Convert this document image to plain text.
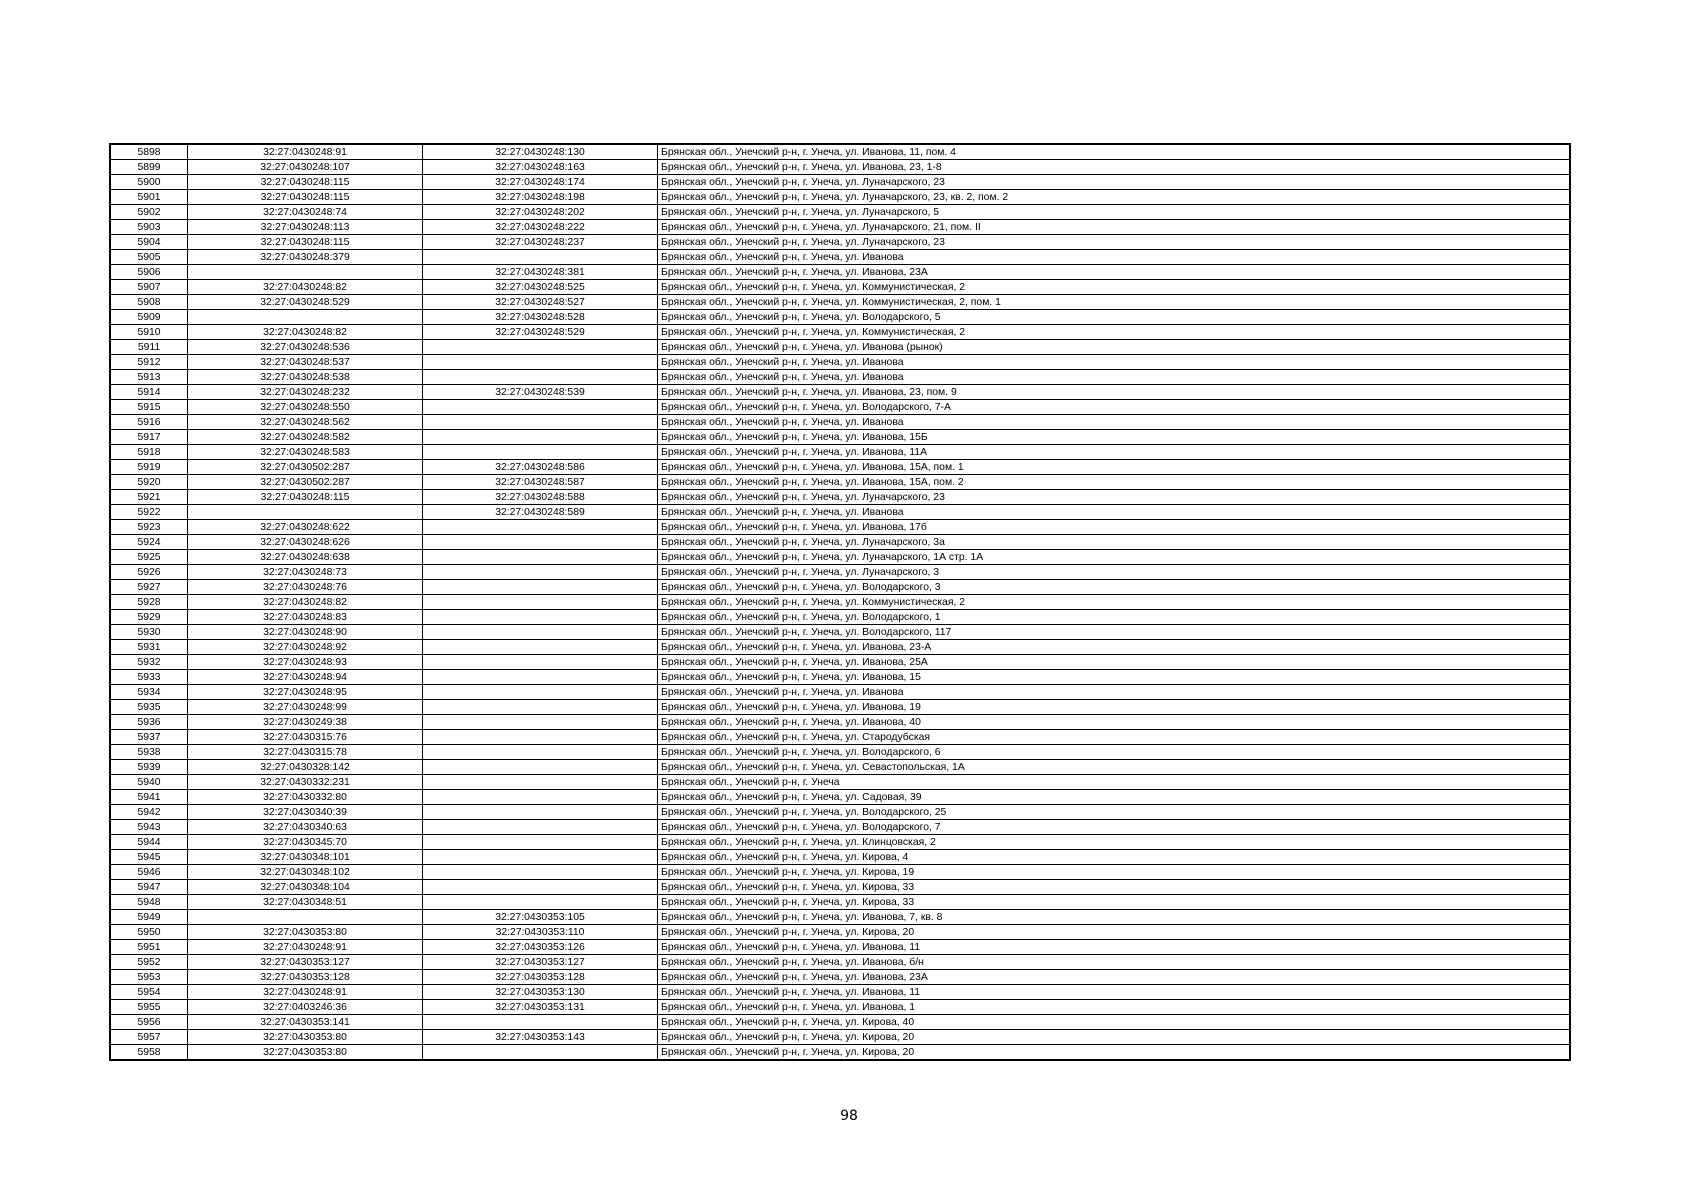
5898	32:27:0430248:91	32:27:0430248:130	Брянская обл., Унечский р-н, г. Унеча, ул. Иванова, 11, пом. 4
5899	32:27:0430248:107	32:27:0430248:163	Брянская обл., Унечский р-н, г. Унеча, ул. Иванова, 23, 1-8
5900	32:27:0430248:115	32:27:0430248:174	Брянская обл., Унечский р-н, г. Унеча, ул. Луначарского, 23
5901	32:27:0430248:115	32:27:0430248:198	Брянская обл., Унечский р-н, г. Унеча, ул. Луначарского, 23, кв. 2, пом. 2
5902	32:27:0430248:74	32:27:0430248:202	Брянская обл., Унечский р-н, г. Унеча, ул. Луначарского, 5
5903	32:27:0430248:113	32:27:0430248:222	Брянская обл., Унечский р-н, г. Унеча, ул. Луначарского, 21, пом. II
5904	32:27:0430248:115	32:27:0430248:237	Брянская обл., Унечский р-н, г. Унеча, ул. Луначарского, 23
5905	32:27:0430248:379		Брянская обл., Унечский р-н, г. Унеча, ул. Иванова
5906		32:27:0430248:381	Брянская обл., Унечский р-н, г. Унеча, ул. Иванова, 23А
5907	32:27:0430248:82	32:27:0430248:525	Брянская обл., Унечский р-н, г. Унеча, ул. Коммунистическая, 2
5908	32:27:0430248:529	32:27:0430248:527	Брянская обл., Унечский р-н, г. Унеча, ул. Коммунистическая, 2, пом. 1
5909		32:27:0430248:528	Брянская обл., Унечский р-н, г. Унеча, ул. Володарского, 5
5910	32:27:0430248:82	32:27:0430248:529	Брянская обл., Унечский р-н, г. Унеча, ул. Коммунистическая, 2
5911	32:27:0430248:536		Брянская обл., Унечский р-н, г. Унеча, ул. Иванова (рынок)
5912	32:27:0430248:537		Брянская обл., Унечский р-н, г. Унеча, ул. Иванова
5913	32:27:0430248:538		Брянская обл., Унечский р-н, г. Унеча, ул. Иванова
5914	32:27:0430248:232	32:27:0430248:539	Брянская обл., Унечский р-н, г. Унеча, ул. Иванова, 23, пом. 9
5915	32:27:0430248:550		Брянская обл., Унечский р-н, г. Унеча, ул. Володарского, 7-А
5916	32:27:0430248:562		Брянская обл., Унечский р-н, г. Унеча, ул. Иванова
5917	32:27:0430248:582		Брянская обл., Унечский р-н, г. Унеча, ул. Иванова, 15Б
5918	32:27:0430248:583		Брянская обл., Унечский р-н, г. Унеча, ул. Иванова, 11А
5919	32:27:0430502:287	32:27:0430248:586	Брянская обл., Унечский р-н, г. Унеча, ул. Иванова, 15А, пом. 1
5920	32:27:0430502:287	32:27:0430248:587	Брянская обл., Унечский р-н, г. Унеча, ул. Иванова, 15А, пом. 2
5921	32:27:0430248:115	32:27:0430248:588	Брянская обл., Унечский р-н, г. Унеча, ул. Луначарского, 23
5922		32:27:0430248:589	Брянская обл., Унечский р-н, г. Унеча, ул. Иванова
5923	32:27:0430248:622		Брянская обл., Унечский р-н, г. Унеча, ул. Иванова, 17б
5924	32:27:0430248:626		Брянская обл., Унечский р-н, г. Унеча, ул. Луначарского, 3а
5925	32:27:0430248:638		Брянская обл., Унечский р-н, г. Унеча, ул. Луначарского, 1А стр. 1А
5926	32:27:0430248:73		Брянская обл., Унечский р-н, г. Унеча, ул. Луначарского, 3
5927	32:27:0430248:76		Брянская обл., Унечский р-н, г. Унеча, ул. Володарского, 3
5928	32:27:0430248:82		Брянская обл., Унечский р-н, г. Унеча, ул. Коммунистическая, 2
5929	32:27:0430248:83		Брянская обл., Унечский р-н, г. Унеча, ул. Володарского, 1
5930	32:27:0430248:90		Брянская обл., Унечский р-н, г. Унеча, ул. Володарского, 117
5931	32:27:0430248:92		Брянская обл., Унечский р-н, г. Унеча, ул. Иванова, 23-А
5932	32:27:0430248:93		Брянская обл., Унечский р-н, г. Унеча, ул. Иванова, 25А
5933	32:27:0430248:94		Брянская обл., Унечский р-н, г. Унеча, ул. Иванова, 15
5934	32:27:0430248:95		Брянская обл., Унечский р-н, г. Унеча, ул. Иванова
5935	32:27:0430248:99		Брянская обл., Унечский р-н, г. Унеча, ул. Иванова, 19
5936	32:27:0430249:38		Брянская обл., Унечский р-н, г. Унеча, ул. Иванова, 40
5937	32:27:0430315:76		Брянская обл., Унечский р-н, г. Унеча, ул. Стародубская
5938	32:27:0430315:78		Брянская обл., Унечский р-н, г. Унеча, ул. Володарского, 6
5939	32:27:0430328:142		Брянская обл., Унечский р-н, г. Унеча, ул. Севастопольская, 1А
5940	32:27:0430332:231		Брянская обл., Унечский р-н, г. Унеча
5941	32:27:0430332:80		Брянская обл., Унечский р-н, г. Унеча, ул. Садовая, 39
5942	32:27:0430340:39		Брянская обл., Унечский р-н, г. Унеча, ул. Володарского, 25
5943	32:27:0430340:63		Брянская обл., Унечский р-н, г. Унеча, ул. Володарского, 7
5944	32:27:0430345:70		Брянская обл., Унечский р-н, г. Унеча, ул. Клинцовская, 2
5945	32:27:0430348:101		Брянская обл., Унечский р-н, г. Унеча, ул. Кирова, 4
5946	32:27:0430348:102		Брянская обл., Унечский р-н, г. Унеча, ул. Кирова, 19
5947	32:27:0430348:104		Брянская обл., Унечский р-н, г. Унеча, ул. Кирова, 33
5948	32:27:0430348:51		Брянская обл., Унечский р-н, г. Унеча, ул. Кирова, 33
5949		32:27:0430353:105	Брянская обл., Унечский р-н, г. Унеча, ул. Иванова, 7, кв. 8
5950	32:27:0430353:80	32:27:0430353:110	Брянская обл., Унечский р-н, г. Унеча, ул. Кирова, 20
5951	32:27:0430248:91	32:27:0430353:126	Брянская обл., Унечский р-н, г. Унеча, ул. Иванова, 11
5952	32:27:0430353:127	32:27:0430353:127	Брянская обл., Унечский р-н, г. Унеча, ул. Иванова, б/н
5953	32:27:0430353:128	32:27:0430353:128	Брянская обл., Унечский р-н, г. Унеча, ул. Иванова, 23А
5954	32:27:0430248:91	32:27:0430353:130	Брянская обл., Унечский р-н, г. Унеча, ул. Иванова, 11
5955	32:27:0403246:36	32:27:0430353:131	Брянская обл., Унечский р-н, г. Унеча, ул. Иванова, 1
5956	32:27:0430353:141		Брянская обл., Унечский р-н, г. Унеча, ул. Кирова, 40
5957	32:27:0430353:80	32:27:0430353:143	Брянская обл., Унечский р-н, г. Унеча, ул. Кирова, 20
5958	32:27:0430353:80		Брянская обл., Унечский р-н, г. Унеча, ул. Кирова, 20
98
